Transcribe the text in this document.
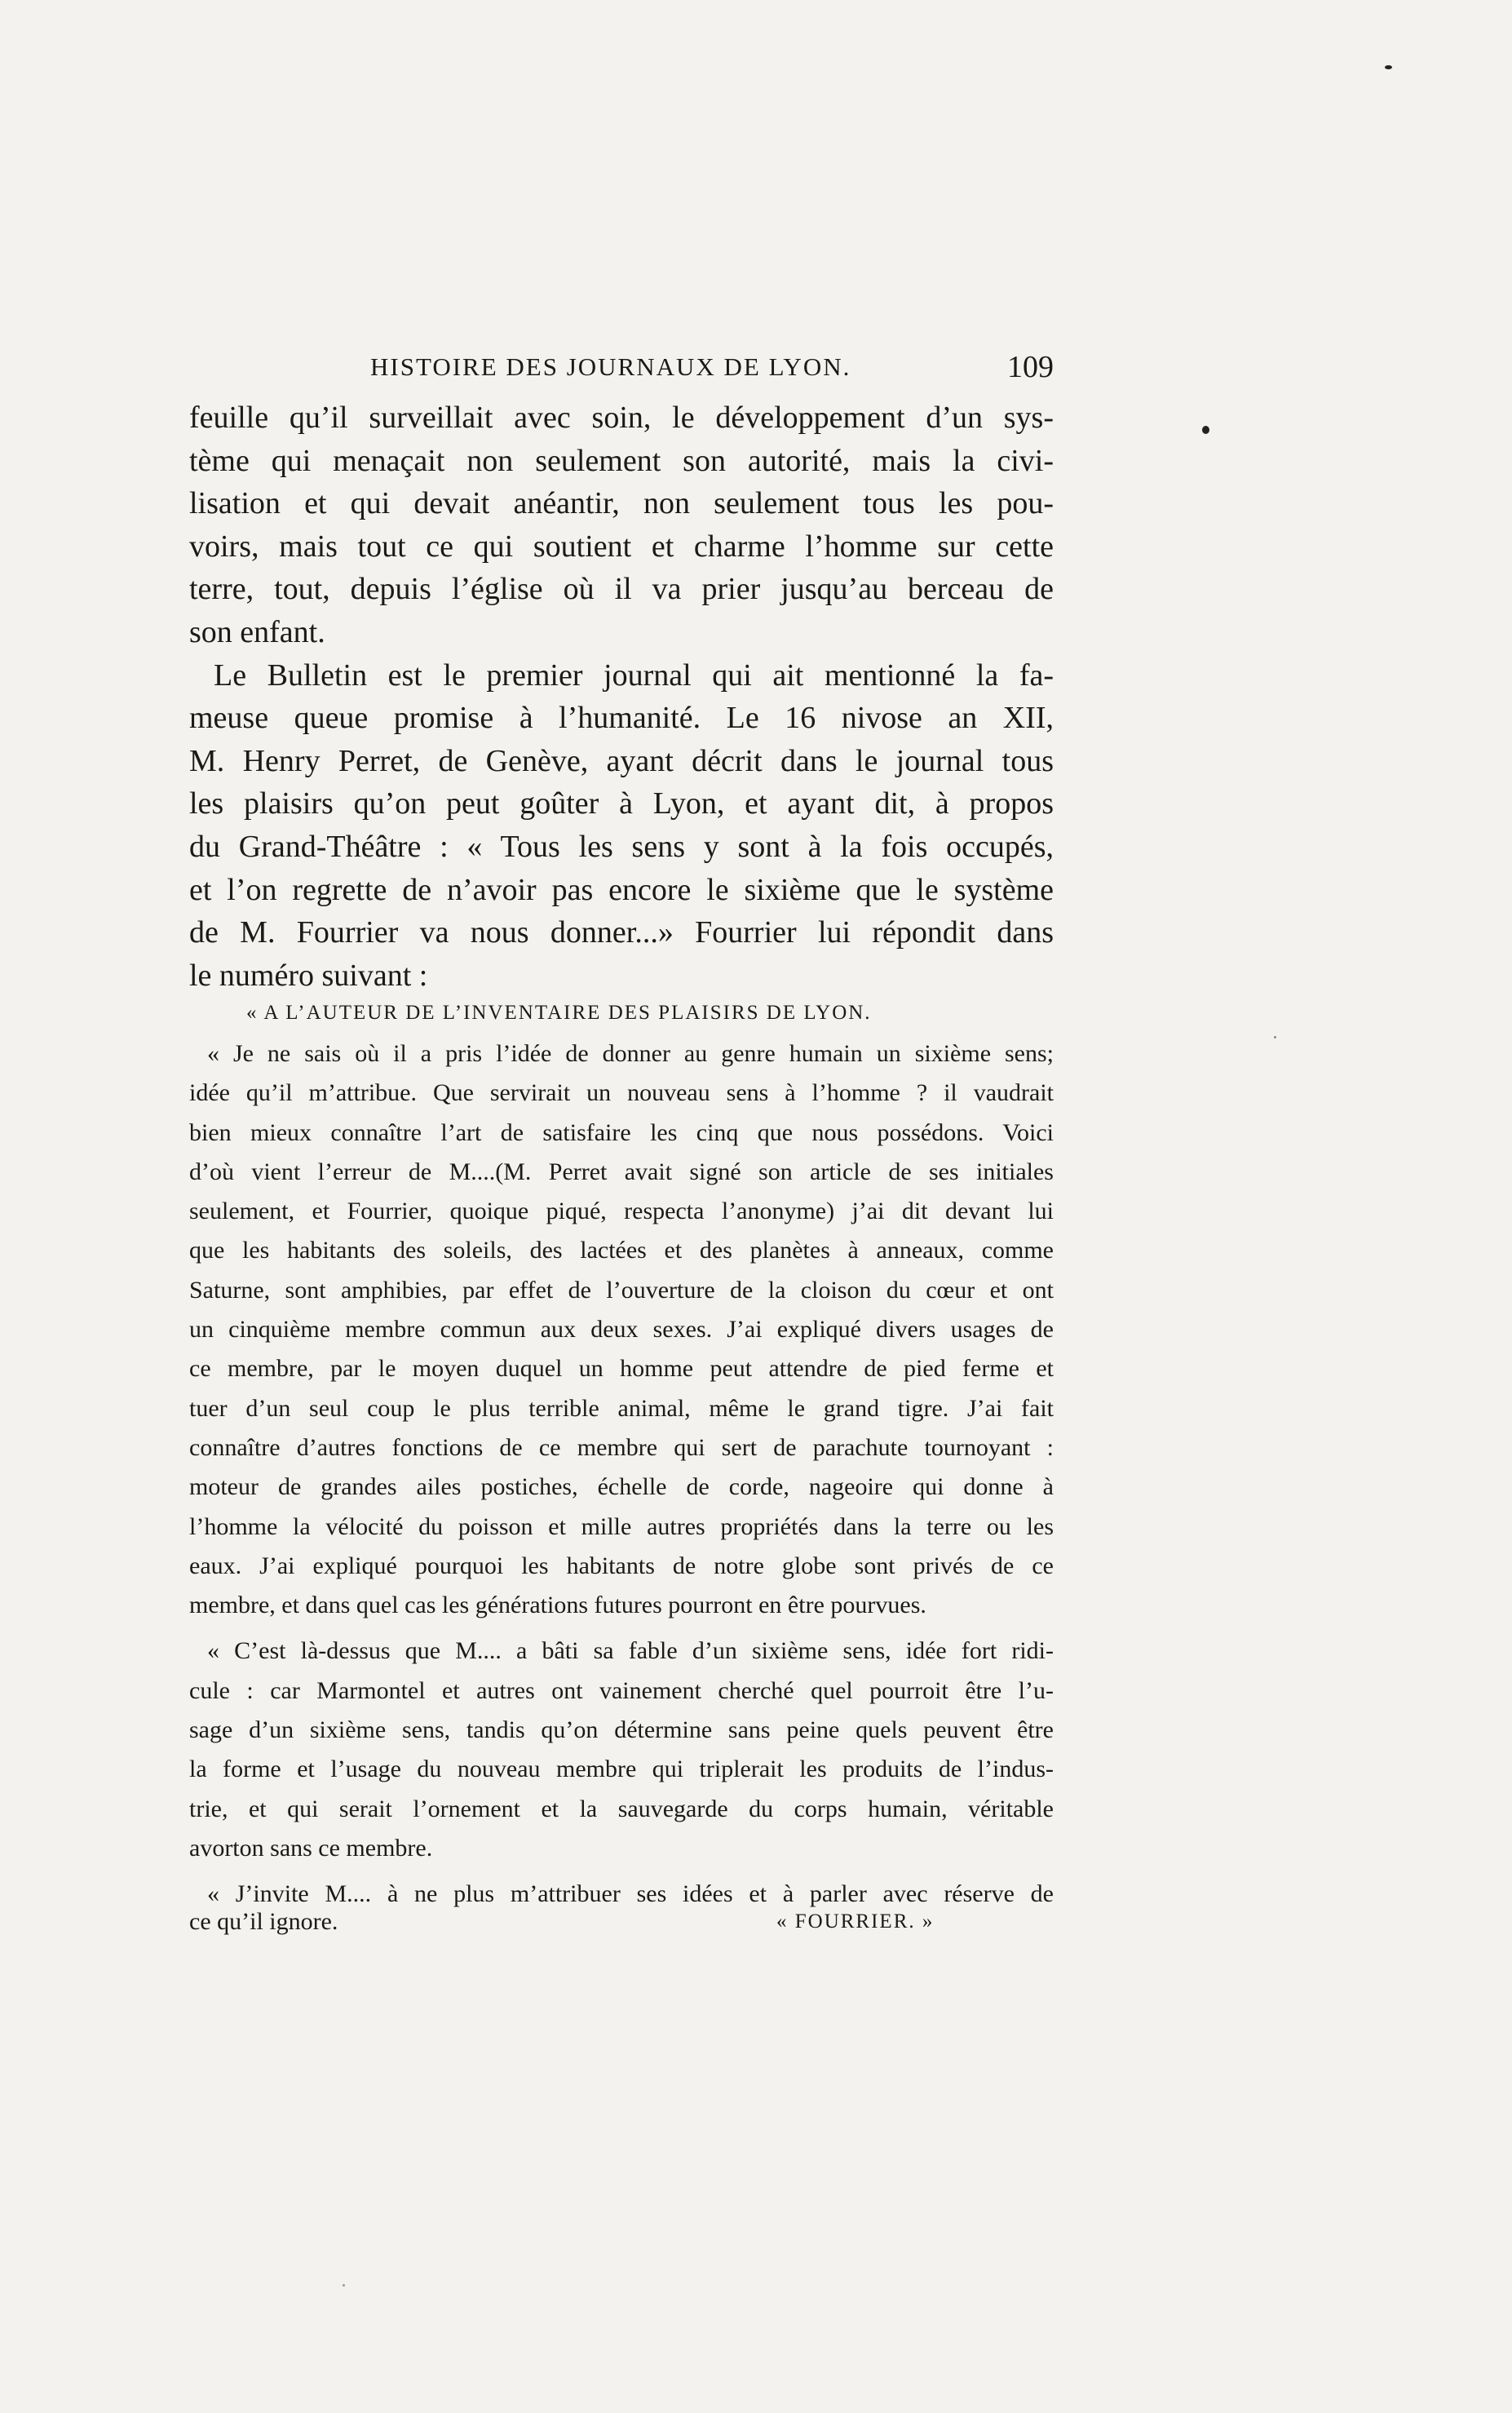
HISTOIRE DES JOURNAUX DE LYON.	109
feuille qu’il surveillait avec soin, le développement d’un sys-
tème qui menaçait non seulement son autorité, mais la civi-
lisation et qui devait anéantir, non seulement tous les pou-
voirs, mais tout ce qui soutient et charme l’homme sur cette
terre, tout, depuis l’église où il va prier jusqu’au berceau de
son enfant.
Le Bulletin est le premier journal qui ait mentionné la fa-
meuse queue promise à l’humanité. Le 16 nivose an XII,
M. Henry Perret, de Genève, ayant décrit dans le journal tous
les plaisirs qu’on peut goûter à Lyon, et ayant dit, à propos
du Grand-Théâtre : « Tous les sens y sont à la fois occupés,
et l’on regrette de n’avoir pas encore le sixième que le système
de M. Fourrier va nous donner...» Fourrier lui répondit dans
le numéro suivant :
« A L’AUTEUR DE L’INVENTAIRE DES PLAISIRS DE LYON.
« Je ne sais où il a pris l’idée de donner au genre humain un sixième sens;
idée qu’il m’attribue. Que servirait un nouveau sens à l’homme ? il vaudrait
bien mieux connaître l’art de satisfaire les cinq que nous possédons. Voici
d’où vient l’erreur de M....(M. Perret avait signé son article de ses initiales
seulement, et Fourrier, quoique piqué, respecta l’anonyme) j’ai dit devant lui
que les habitants des soleils, des lactées et des planètes à anneaux, comme
Saturne, sont amphibies, par effet de l’ouverture de la cloison du cœur et ont
un cinquième membre commun aux deux sexes. J’ai expliqué divers usages de
ce membre, par le moyen duquel un homme peut attendre de pied ferme et
tuer d’un seul coup le plus terrible animal, même le grand tigre. J’ai fait
connaître d’autres fonctions de ce membre qui sert de parachute tournoyant :
moteur de grandes ailes postiches, échelle de corde, nageoire qui donne à
l’homme la vélocité du poisson et mille autres propriétés dans la terre ou les
eaux. J’ai expliqué pourquoi les habitants de notre globe sont privés de ce
membre, et dans quel cas les générations futures pourront en être pourvues.
« C’est là-dessus que M.... a bâti sa fable d’un sixième sens, idée fort ridi-
cule : car Marmontel et autres ont vainement cherché quel pourroit être l’u-
sage d’un sixième sens, tandis qu’on détermine sans peine quels peuvent être
la forme et l’usage du nouveau membre qui triplerait les produits de l’indus-
trie, et qui serait l’ornement et la sauvegarde du corps humain, véritable
avorton sans ce membre.
« J’invite M.... à ne plus m’attribuer ses idées et à parler avec réserve de
ce qu’il ignore.	« FOURRIER. »
